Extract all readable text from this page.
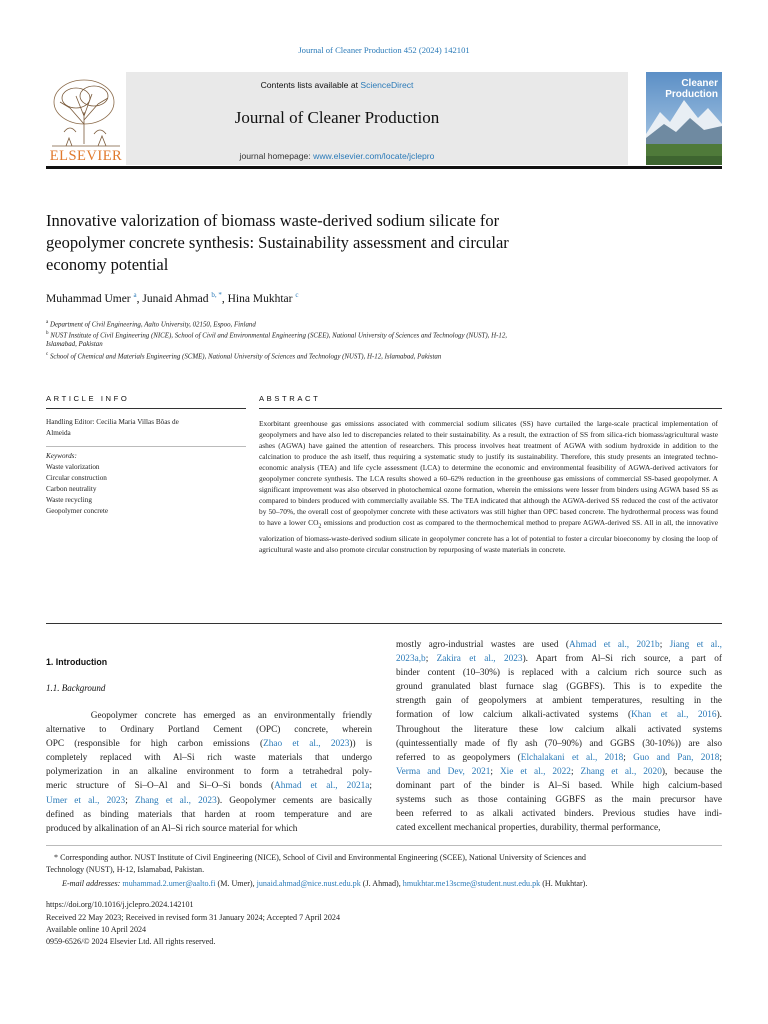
Journal of Cleaner Production 452 (2024) 142101
ELSEVIER
Contents lists available at ScienceDirect
Journal of Cleaner Production
journal homepage: www.elsevier.com/locate/jclepro
Cleaner
Production
Innovative valorization of biomass waste-derived sodium silicate for
geopolymer concrete synthesis: Sustainability assessment and circular
economy potential
Muhammad Umer $^a$, Junaid Ahmad $^{b, *}$, Hina Mukhtar $^c$
$^a$ Department of Civil Engineering, Aalto University, 02150, Espoo, Finland
$^b$ NUST Institute of Civil Engineering (NICE), School of Civil and Environmental Engineering (SCEE), National University of Sciences and Technology (NUST), H-12,
Islamabad, Pakistan
$^c$ School of Chemical and Materials Engineering (SCME), National University of Sciences and Technology (NUST), H-12, Islamabad, Pakistan
ARTICLE INFO	ABSTRACT
Handling Editor: Cecilia Maria Villas Bôas de
Almeida
Keywords:
Waste valorization
Circular construction
Carbon neutrality
Waste recycling
Geopolymer concrete
Exorbitant greenhouse gas emissions associated with commercial sodium silicates (SS) have curtailed the large-scale practical implementation of geopolymers and have also led to discrepancies related to their sustainability. As a result, the extraction of SS from silica-rich biomass/agricultural waste ashes (AGWA) have gained the attention of researchers. This process involves heat treatment of AGWA with sodium hydroxide in addition to the calcination to produce the ash itself, thus requiring a systematic study to justify its sustainability. Therefore, this study presents an integrated techno-economic analysis (TEA) and life cycle assessment (LCA) to determine the economic and environmental feasibility of AGWA-derived activators for geopolymer concrete synthesis. The LCA results showed a 60–62% reduction in the greenhouse gas emissions of commercial SS-based geopolymer. A significant improvement was also observed in photochemical ozone formation, wherein the emissions were lesser from binders using AGWA based SS as compared to binders produced with commercially available SS. The TEA indicated that although the AGWA-derived SS reduced the cost of the activator by 50–70%, the overall cost of geopolymer concrete with these activators was still higher than OPC based concrete. The hydrothermal process was found to have a lower $CO_2$ emissions and production cost as compared to the thermochemical method to prepare AGWA-derived SS. All in all, the innovative valorization of biomass-waste-derived sodium silicate in geopolymer concrete has a lot of potential to foster a circular bioeconomy by closing the loop of agricultural waste and also promote circular construction by repurposing of waste materials in concrete.
1. Introduction
1.1. Background
Geopolymer concrete has emerged as an environmentally friendly
alternative to Ordinary Portland Cement (OPC) concrete, wherein
OPC (responsible for high carbon emissions (Zhao et al., 2023)) is
completely replaced with Al–Si rich waste materials that undergo
polymerization in an alkaline environment to form a tetrahedral poly-
meric structure of Si–O–Al and Si–O–Si bonds (Ahmad et al., 2021a;
Umer et al., 2023; Zhang et al., 2023). Geopolymer cements are basically
defined as binding materials that harden at room temperature and are
produced by alkalination of an Al–Si rich source material for which
mostly agro-industrial wastes are used (Ahmad et al., 2021b; Jiang et al.,
2023a,b; Zakira et al., 2023). Apart from Al–Si rich source, a part of
binder content (10–30%) is replaced with a calcium rich source such as
ground granulated blast furnace slag (GGBFS). This is to expedite the
strength gain of geopolymers at ambient temperatures, resulting in the
formation of low calcium alkali-activated systems (Khan et al., 2016).
Throughout the literature these low calcium alkali activated systems
(quintessentially made of fly ash (70–90%) and GGBS (30-10%)) are also
referred to as geopolymers (Elchalakani et al., 2018; Guo and Pan, 2018;
Verma and Dev, 2021; Xie et al., 2022; Zhang et al., 2020), because the
dominant part of the binder is Al–Si based. While high calcium-based
systems such as those containing GGBFS as the main precursor have
been referred to as alkali activated binders. Previous studies have indi-
cated excellent mechanical properties, durability, thermal performance,
* Corresponding author. NUST Institute of Civil Engineering (NICE), School of Civil and Environmental Engineering (SCEE), National University of Sciences and
Technology (NUST), H-12, Islamabad, Pakistan.
E-mail addresses: muhammad.2.umer@aalto.fi (M. Umer), junaid.ahmad@nice.nust.edu.pk (J. Ahmad), hmukhtar.me13scme@student.nust.edu.pk (H. Mukhtar).
https://doi.org/10.1016/j.jclepro.2024.142101
Received 22 May 2023; Received in revised form 31 January 2024; Accepted 7 April 2024
Available online 10 April 2024
0959-6526/© 2024 Elsevier Ltd. All rights reserved.
